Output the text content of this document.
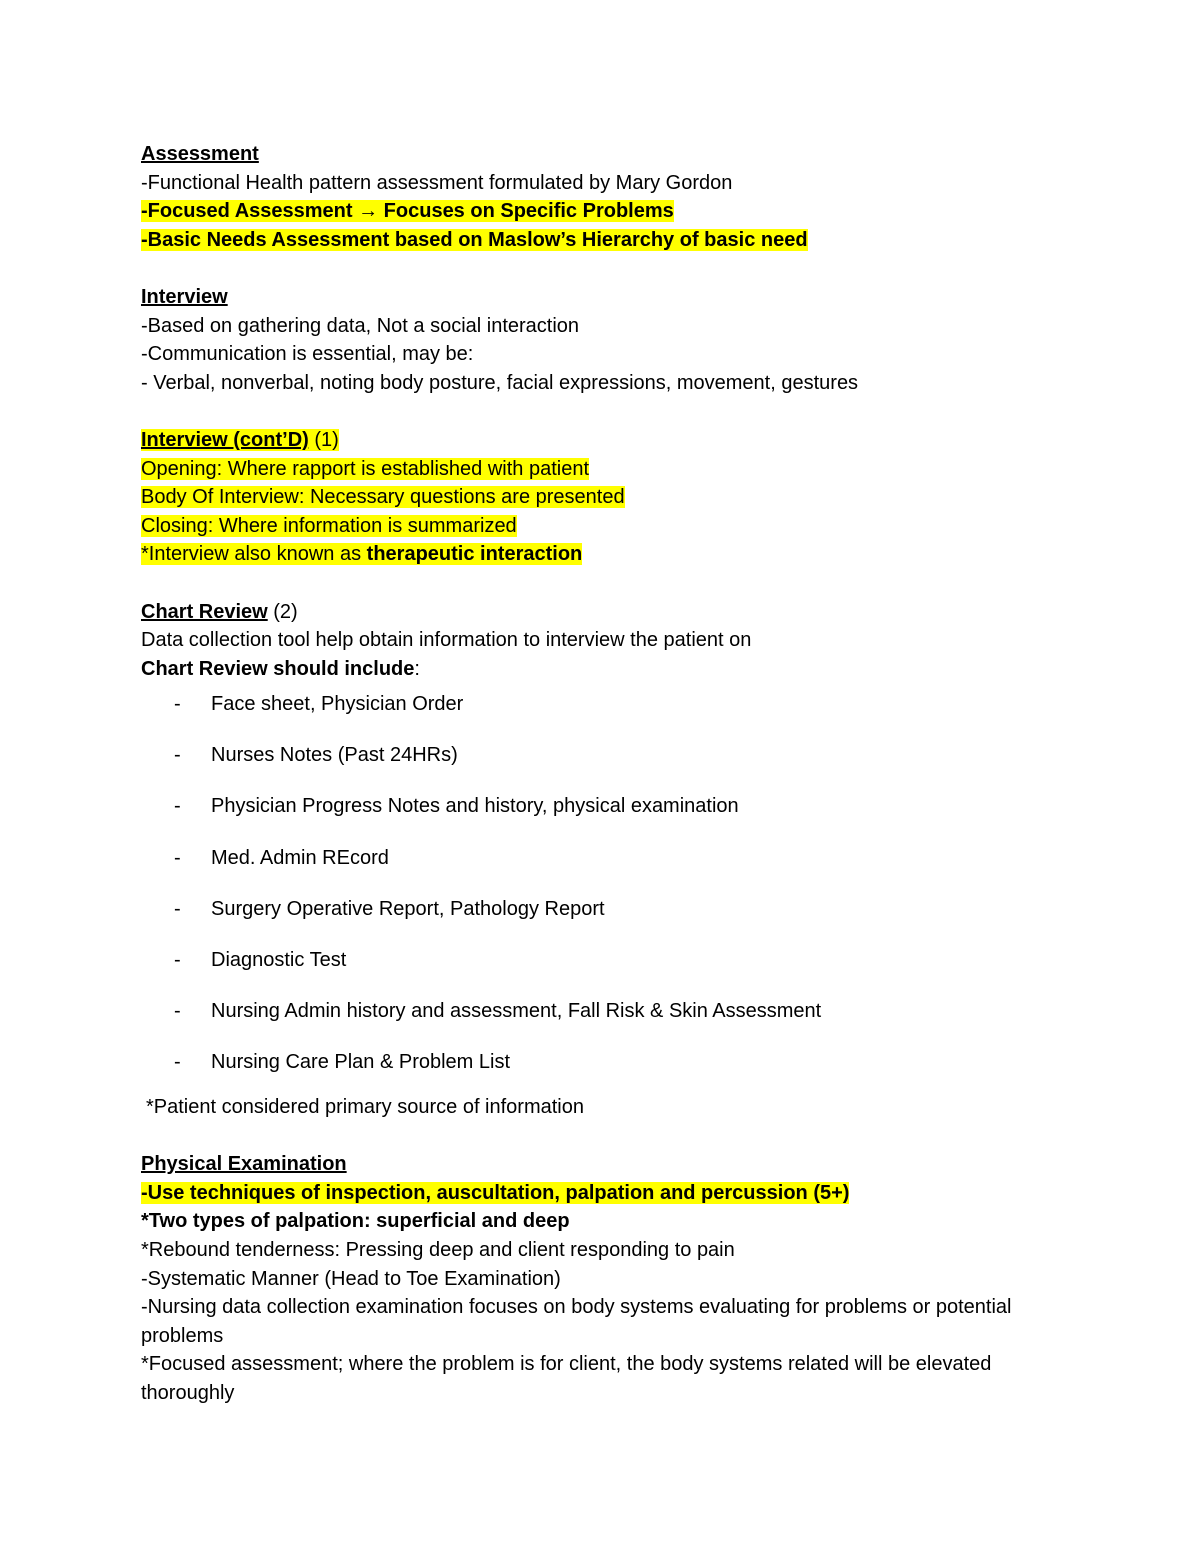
Assessment
-Functional Health pattern assessment formulated by Mary Gordon
-Focused Assessment → Focuses on Specific Problems
-Basic Needs Assessment based on Maslow’s Hierarchy of basic need
Interview
-Based on gathering data, Not a social interaction
-Communication is essential, may be:
- Verbal, nonverbal, noting body posture, facial expressions, movement, gestures
Interview (cont’D) (1)
Opening: Where rapport is established with patient
Body Of Interview: Necessary questions are presented
Closing: Where information is summarized
*Interview also known as therapeutic interaction
Chart Review (2)
Data collection tool help obtain information to interview the patient on
Chart Review should include:
- Face sheet, Physician Order
- Nurses Notes (Past 24HRs)
- Physician Progress Notes and history, physical examination
- Med. Admin REcord
- Surgery Operative Report, Pathology Report
- Diagnostic Test
- Nursing Admin history and assessment, Fall Risk & Skin Assessment
- Nursing Care Plan & Problem List
*Patient considered primary source of information
Physical Examination
-Use techniques of inspection, auscultation, palpation and percussion (5+)
*Two types of palpation: superficial and deep
*Rebound tenderness: Pressing deep and client responding to pain
-Systematic Manner (Head to Toe Examination)
-Nursing data collection examination focuses on body systems evaluating for problems or potential problems
*Focused assessment; where the problem is for client, the body systems related will be elevated thoroughly
